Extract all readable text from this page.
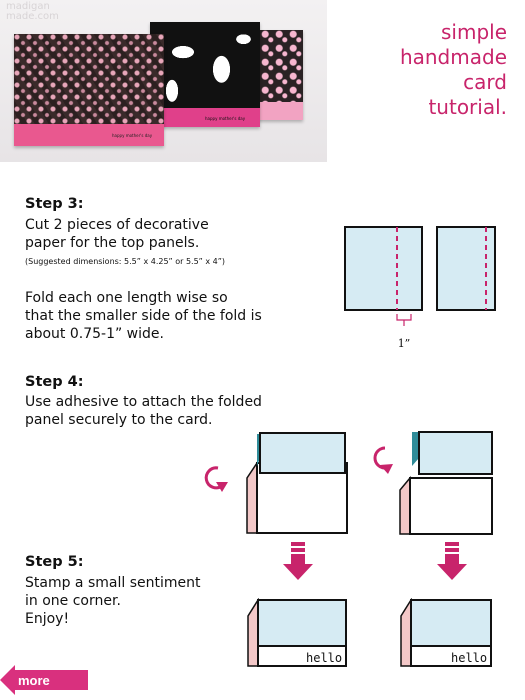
madigan
made.com
happy mother's day
happy mother's day
simple
handmade
card
tutorial.
Step 3:
Cut 2 pieces of decorative
paper for the top panels.
(Suggested dimensions: 5.5” x 4.25” or 5.5” x 4”)
Fold each one length wise so
that the smaller side of the fold is
about 0.75-1” wide.
1”
Step 4:
Use adhesive to attach the folded
panel securely to the card.
Step 5:
Stamp a small sentiment
in one corner.
Enjoy!
hello	hello
more
